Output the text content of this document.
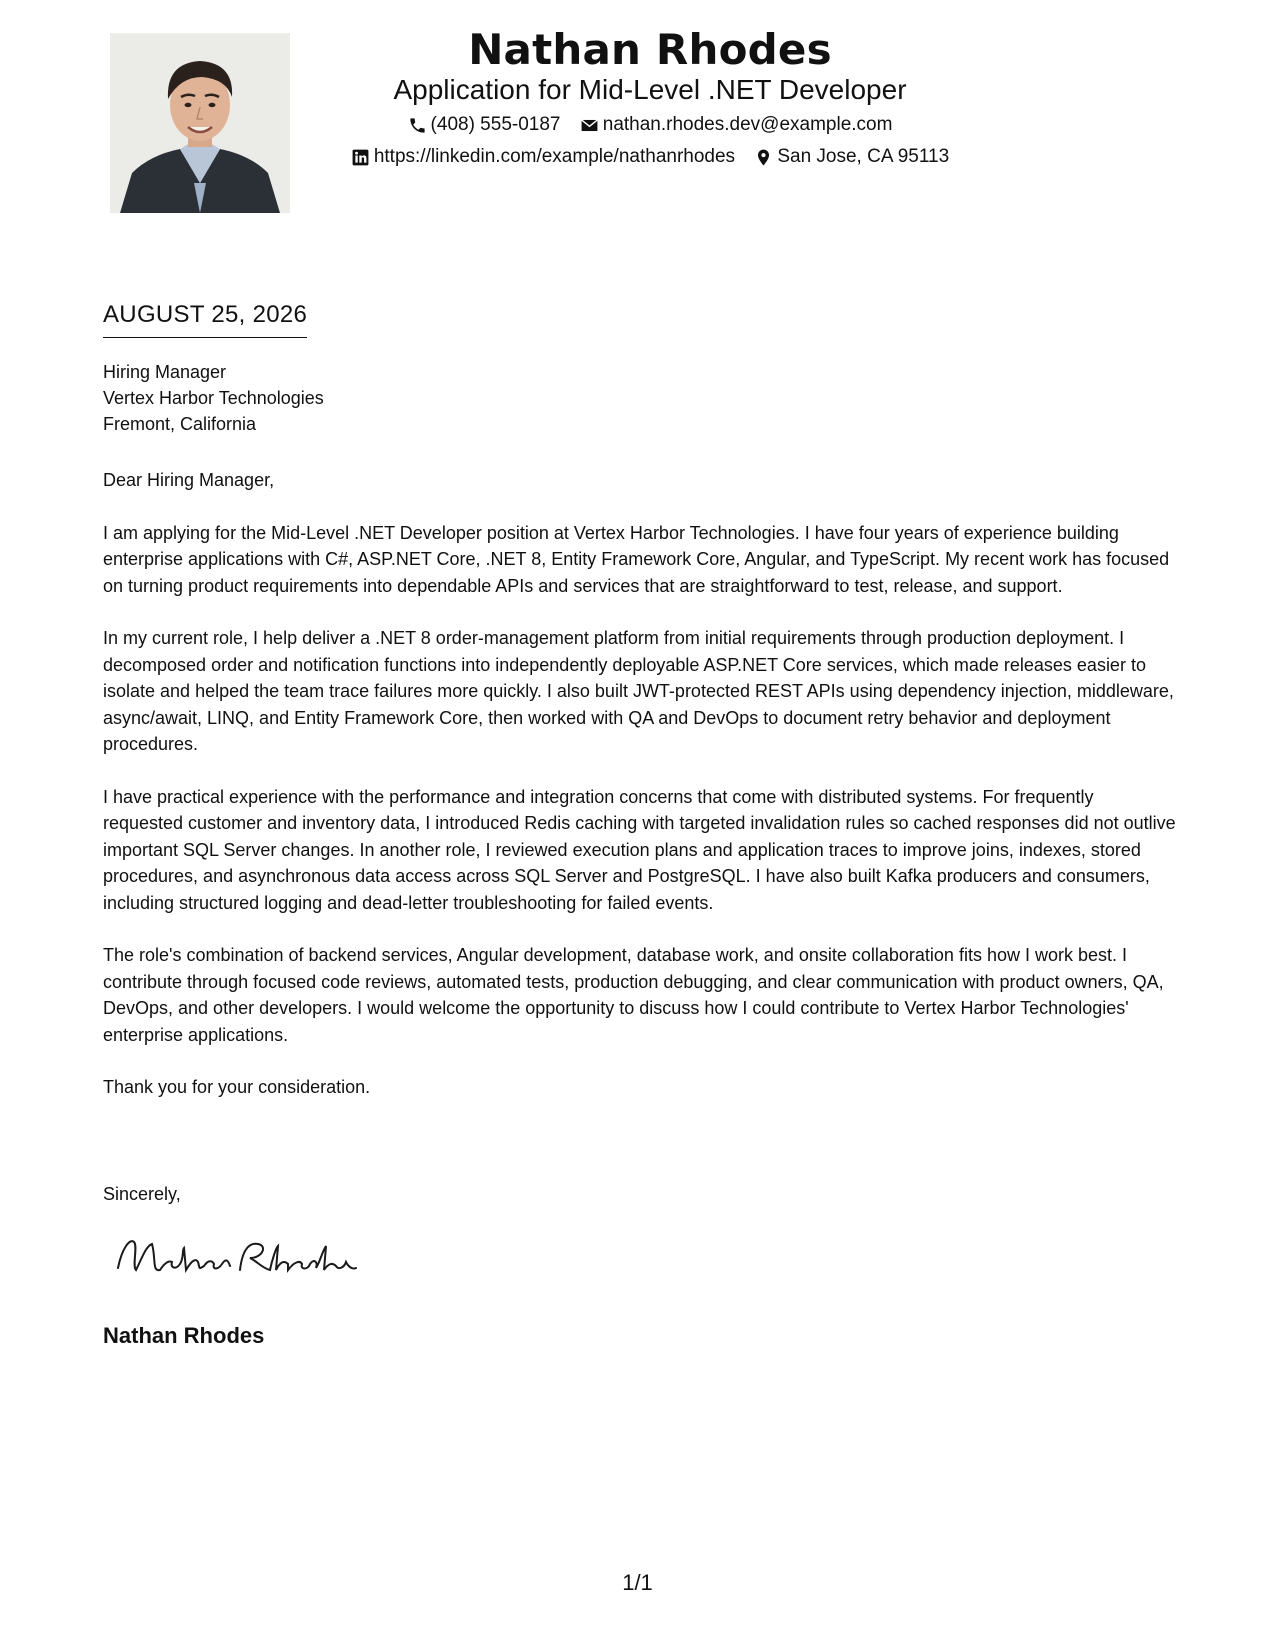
Nathan Rhodes
Application for Mid-Level .NET Developer
(408) 555-0187
nathan.rhodes.dev@example.com
https://linkedin.com/example/nathanrhodes
San Jose, CA 95113
AUGUST 25, 2026
Hiring Manager
Vertex Harbor Technologies
Fremont, California

Dear Hiring Manager,

I am applying for the Mid-Level .NET Developer position at Vertex Harbor Technologies. I have four years of experience building enterprise applications with C#, ASP.NET Core, .NET 8, Entity Framework Core, Angular, and TypeScript. My recent work has focused on turning product requirements into dependable APIs and services that are straightforward to test, release, and support.

In my current role, I help deliver a .NET 8 order-management platform from initial requirements through production deployment. I decomposed order and notification functions into independently deployable ASP.NET Core services, which made releases easier to isolate and helped the team trace failures more quickly. I also built JWT-protected REST APIs using dependency injection, middleware, async/await, LINQ, and Entity Framework Core, then worked with QA and DevOps to document retry behavior and deployment procedures.

I have practical experience with the performance and integration concerns that come with distributed systems. For frequently requested customer and inventory data, I introduced Redis caching with targeted invalidation rules so cached responses did not outlive important SQL Server changes. In another role, I reviewed execution plans and application traces to improve joins, indexes, stored procedures, and asynchronous data access across SQL Server and PostgreSQL. I have also built Kafka producers and consumers, including structured logging and dead-letter troubleshooting for failed events.

The role's combination of backend services, Angular development, database work, and onsite collaboration fits how I work best. I contribute through focused code reviews, automated tests, production debugging, and clear communication with product owners, QA, DevOps, and other developers. I would welcome the opportunity to discuss how I could contribute to Vertex Harbor Technologies' enterprise applications.

Thank you for your consideration.

Sincerely,
Nathan Rhodes
1/1
